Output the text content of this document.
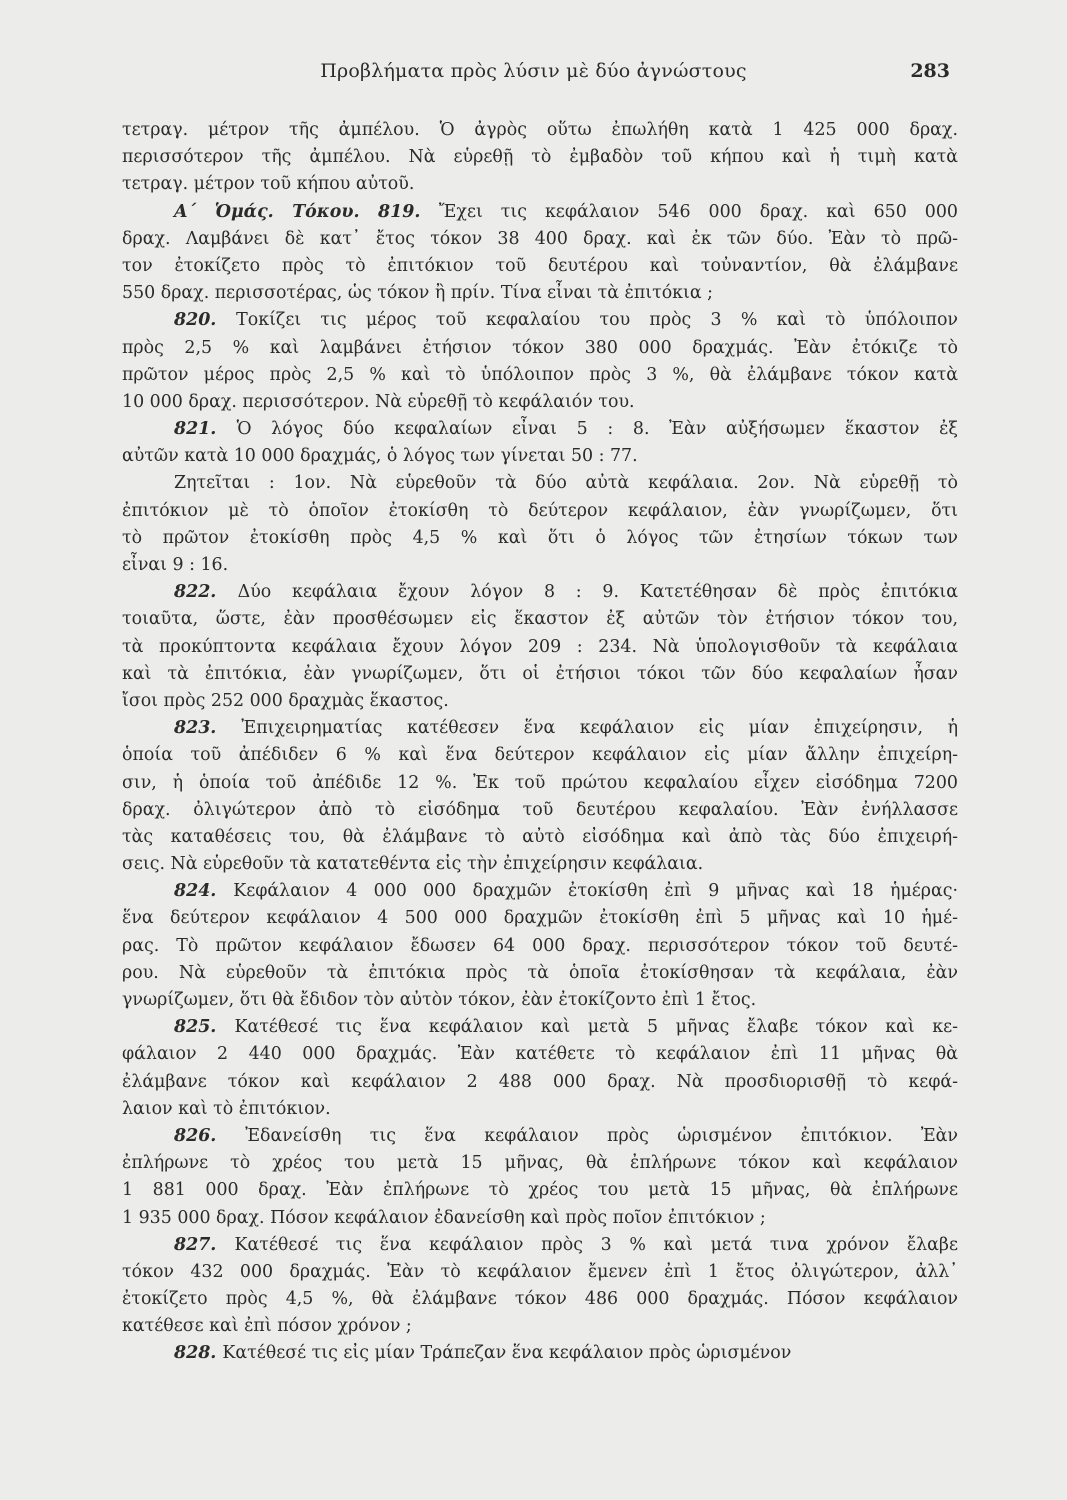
Προβλήματα πρὸς λύσιν μὲ δύο ἀγνώστους	283
τετραγ. μέτρον τῆς ἀμπέλου. Ὁ ἀγρὸς οὕτω ἐπωλήθη κατὰ 1 425 000 δραχ.
περισσότερον τῆς ἀμπέλου. Νὰ εὑρεθῇ τὸ ἐμβαδὸν τοῦ κήπου καὶ ἡ τιμὴ κατὰ
τετραγ. μέτρον τοῦ κήπου αὐτοῦ.
Α΄ Ὁμάς. Τόκου. 819. Ἔχει τις κεφάλαιον 546 000 δραχ. καὶ 650 000
δραχ. Λαμβάνει δὲ κατ᾽ ἔτος τόκον 38 400 δραχ. καὶ ἐκ τῶν δύο. Ἐὰν τὸ πρῶ-
τον ἐτοκίζετο πρὸς τὸ ἐπιτόκιον τοῦ δευτέρου καὶ τοὐναντίον, θὰ ἐλάμβανε
550 δραχ. περισσοτέρας, ὡς τόκον ἢ πρίν. Τίνα εἶναι τὰ ἐπιτόκια ;
820. Τοκίζει τις μέρος τοῦ κεφαλαίου του πρὸς 3 % καὶ τὸ ὑπόλοιπον
πρὸς 2,5 % καὶ λαμβάνει ἐτήσιον τόκον 380 000 δραχμάς. Ἐὰν ἐτόκιζε τὸ
πρῶτον μέρος πρὸς 2,5 % καὶ τὸ ὑπόλοιπον πρὸς 3 %, θὰ ἐλάμβανε τόκον κατὰ
10 000 δραχ. περισσότερον. Νὰ εὑρεθῇ τὸ κεφάλαιόν του.
821. Ὁ λόγος δύο κεφαλαίων εἶναι 5 : 8. Ἐὰν αὐξήσωμεν ἕκαστον ἐξ
αὐτῶν κατὰ 10 000 δραχμάς, ὁ λόγος των γίνεται 50 : 77.
Ζητεῖται : 1ον. Νὰ εὑρεθοῦν τὰ δύο αὐτὰ κεφάλαια. 2ον. Νὰ εὑρεθῇ τὸ
ἐπιτόκιον μὲ τὸ ὁποῖον ἐτοκίσθη τὸ δεύτερον κεφάλαιον, ἐὰν γνωρίζωμεν, ὅτι
τὸ πρῶτον ἐτοκίσθη πρὸς 4,5 % καὶ ὅτι ὁ λόγος τῶν ἐτησίων τόκων των
εἶναι 9 : 16.
822. Δύο κεφάλαια ἔχουν λόγον 8 : 9. Κατετέθησαν δὲ πρὸς ἐπιτόκια
τοιαῦτα, ὥστε, ἐὰν προσθέσωμεν εἰς ἕκαστον ἐξ αὐτῶν τὸν ἐτήσιον τόκον του,
τὰ προκύπτοντα κεφάλαια ἔχουν λόγον 209 : 234. Νὰ ὑπολογισθοῦν τὰ κεφάλαια
καὶ τὰ ἐπιτόκια, ἐὰν γνωρίζωμεν, ὅτι οἱ ἐτήσιοι τόκοι τῶν δύο κεφαλαίων ἦσαν
ἴσοι πρὸς 252 000 δραχμὰς ἕκαστος.
823. Ἐπιχειρηματίας κατέθεσεν ἕνα κεφάλαιον εἰς μίαν ἐπιχείρησιν, ἡ
ὁποία τοῦ ἀπέδιδεν 6 % καὶ ἕνα δεύτερον κεφάλαιον εἰς μίαν ἄλλην ἐπιχείρη-
σιν, ἡ ὁποία τοῦ ἀπέδιδε 12 %. Ἐκ τοῦ πρώτου κεφαλαίου εἶχεν εἰσόδημα 7200
δραχ. ὀλιγώτερον ἀπὸ τὸ εἰσόδημα τοῦ δευτέρου κεφαλαίου. Ἐὰν ἐνήλλασσε
τὰς καταθέσεις του, θὰ ἐλάμβανε τὸ αὐτὸ εἰσόδημα καὶ ἀπὸ τὰς δύο ἐπιχειρή-
σεις. Νὰ εὑρεθοῦν τὰ κατατεθέντα εἰς τὴν ἐπιχείρησιν κεφάλαια.
824. Κεφάλαιον 4 000 000 δραχμῶν ἐτοκίσθη ἐπὶ 9 μῆνας καὶ 18 ἡμέρας·
ἕνα δεύτερον κεφάλαιον 4 500 000 δραχμῶν ἐτοκίσθη ἐπὶ 5 μῆνας καὶ 10 ἡμέ-
ρας. Τὸ πρῶτον κεφάλαιον ἔδωσεν 64 000 δραχ. περισσότερον τόκον τοῦ δευτέ-
ρου. Νὰ εὑρεθοῦν τὰ ἐπιτόκια πρὸς τὰ ὁποῖα ἐτοκίσθησαν τὰ κεφάλαια, ἐὰν
γνωρίζωμεν, ὅτι θὰ ἔδιδον τὸν αὐτὸν τόκον, ἐὰν ἐτοκίζοντο ἐπὶ 1 ἔτος.
825. Κατέθεσέ τις ἕνα κεφάλαιον καὶ μετὰ 5 μῆνας ἔλαβε τόκον καὶ κε-
φάλαιον 2 440 000 δραχμάς. Ἐὰν κατέθετε τὸ κεφάλαιον ἐπὶ 11 μῆνας θὰ
ἐλάμβανε τόκον καὶ κεφάλαιον 2 488 000 δραχ. Νὰ προσδιορισθῇ τὸ κεφά-
λαιον καὶ τὸ ἐπιτόκιον.
826. Ἐδανείσθη τις ἕνα κεφάλαιον πρὸς ὡρισμένον ἐπιτόκιον. Ἐὰν
ἐπλήρωνε τὸ χρέος του μετὰ 15 μῆνας, θὰ ἐπλήρωνε τόκον καὶ κεφάλαιον
1 881 000 δραχ. Ἐὰν ἐπλήρωνε τὸ χρέος του μετὰ 15 μῆνας, θὰ ἐπλήρωνε
1 935 000 δραχ. Πόσον κεφάλαιον ἐδανείσθη καὶ πρὸς ποῖον ἐπιτόκιον ;
827. Κατέθεσέ τις ἕνα κεφάλαιον πρὸς 3 % καὶ μετά τινα χρόνον ἔλαβε
τόκον 432 000 δραχμάς. Ἐὰν τὸ κεφάλαιον ἔμενεν ἐπὶ 1 ἔτος ὀλιγώτερον, ἀλλ᾽
ἐτοκίζετο πρὸς 4,5 %, θὰ ἐλάμβανε τόκον 486 000 δραχμάς. Πόσον κεφάλαιον
κατέθεσε καὶ ἐπὶ πόσον χρόνον ;
828. Κατέθεσέ τις εἰς μίαν Τράπεζαν ἕνα κεφάλαιον πρὸς ὡρισμένον
